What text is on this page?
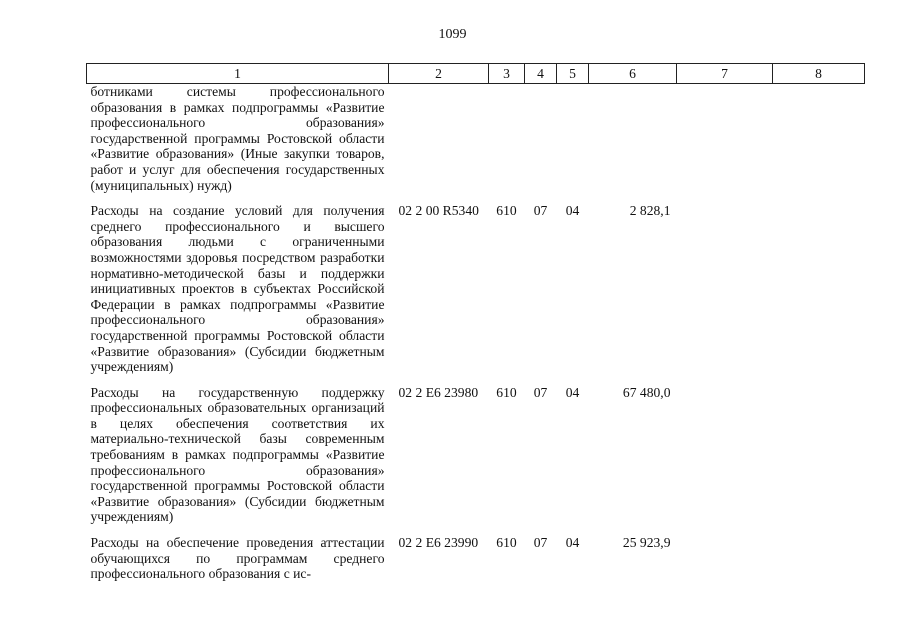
1099
1	2	3	4	5	6	7	8
ботниками системы профессионального образования в рамках подпрограммы «Развитие профессионального образования» государственной программы Ростовской области «Развитие образования» (Иные закупки товаров, работ и услуг для обеспечения государственных (муниципальных) нужд)							
Расходы на создание условий для получения среднего профессионального и высшего образования людьми с ограниченными возможностями здоровья посредством разработки нормативно-методической базы и поддержки инициативных проектов в субъектах Российской Федерации в рамках подпрограммы «Развитие профессионального образования» государственной программы Ростовской области «Развитие образования» (Субсидии бюджетным учреждениям)	02 2 00 R5340	610	07	04	2 828,1		
Расходы на государственную поддержку профессиональных образовательных организаций в целях обеспечения соответствия их материально-технической базы современным требованиям в рамках подпрограммы «Развитие профессионального образования» государственной программы Ростовской области «Развитие образования» (Субсидии бюджетным учреждениям)	02 2 E6 23980	610	07	04	67 480,0		
Расходы на обеспечение проведения аттестации обучающихся по программам среднего профессионального образования с ис-	02 2 E6 23990	610	07	04	25 923,9		
